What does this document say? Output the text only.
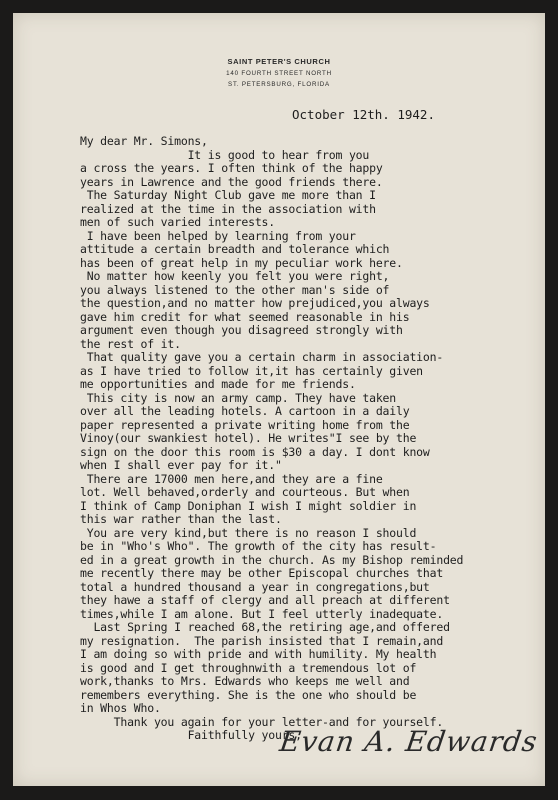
SAINT PETER'S CHURCH
140 FOURTH STREET NORTH
ST. PETERSBURG, FLORIDA
October 12th. 1942.
My dear Mr. Simons,
It is good to hear from you
a cross the years. I often think of the happy
years in Lawrence and the good friends there.
The Saturday Night Club gave me more than I
realized at the time in the association with
men of such varied interests.
I have been helped by learning from your
attitude a certain breadth and tolerance which
has been of great help in my peculiar work here.
No matter how keenly you felt you were right,
you always listened to the other man's side of
the question,and no matter how prejudiced,you always
gave him credit for what seemed reasonable in his
argument even though you disagreed strongly with
the rest of it.
That quality gave you a certain charm in association-
as I have tried to follow it,it has certainly given
me opportunities and made for me friends.
This city is now an army camp. They have taken
over all the leading hotels. A cartoon in a daily
paper represented a private writing home from the
Vinoy(our swankiest hotel). He writes"I see by the
sign on the door this room is $30 a day. I dont know
when I shall ever pay for it."
There are 17000 men here,and they are a fine
lot. Well behaved,orderly and courteous. But when
I think of Camp Doniphan I wish I might soldier in
this war rather than the last.
You are very kind,but there is no reason I should
be in "Who's Who". The growth of the city has result-
ed in a great growth in the church. As my Bishop reminded
me recently there may be other Episcopal churches that
total a hundred thousand a year in congregations,but
they hawe a staff of clergy and all preach at different
times,while I am alone. But I feel utterly inadequate.
Last Spring I reached 68,the retiring age,and offered
my resignation.  The parish insisted that I remain,and
I am doing so with pride and with humility. My health
is good and I get throughnwith a tremendous lot of
work,thanks to Mrs. Edwards who keeps me well and
remembers everything. She is the one who should be
in Whos Who.
Thank you again for your letter-and for yourself.
Faithfully yours,
Evan A. Edwards
